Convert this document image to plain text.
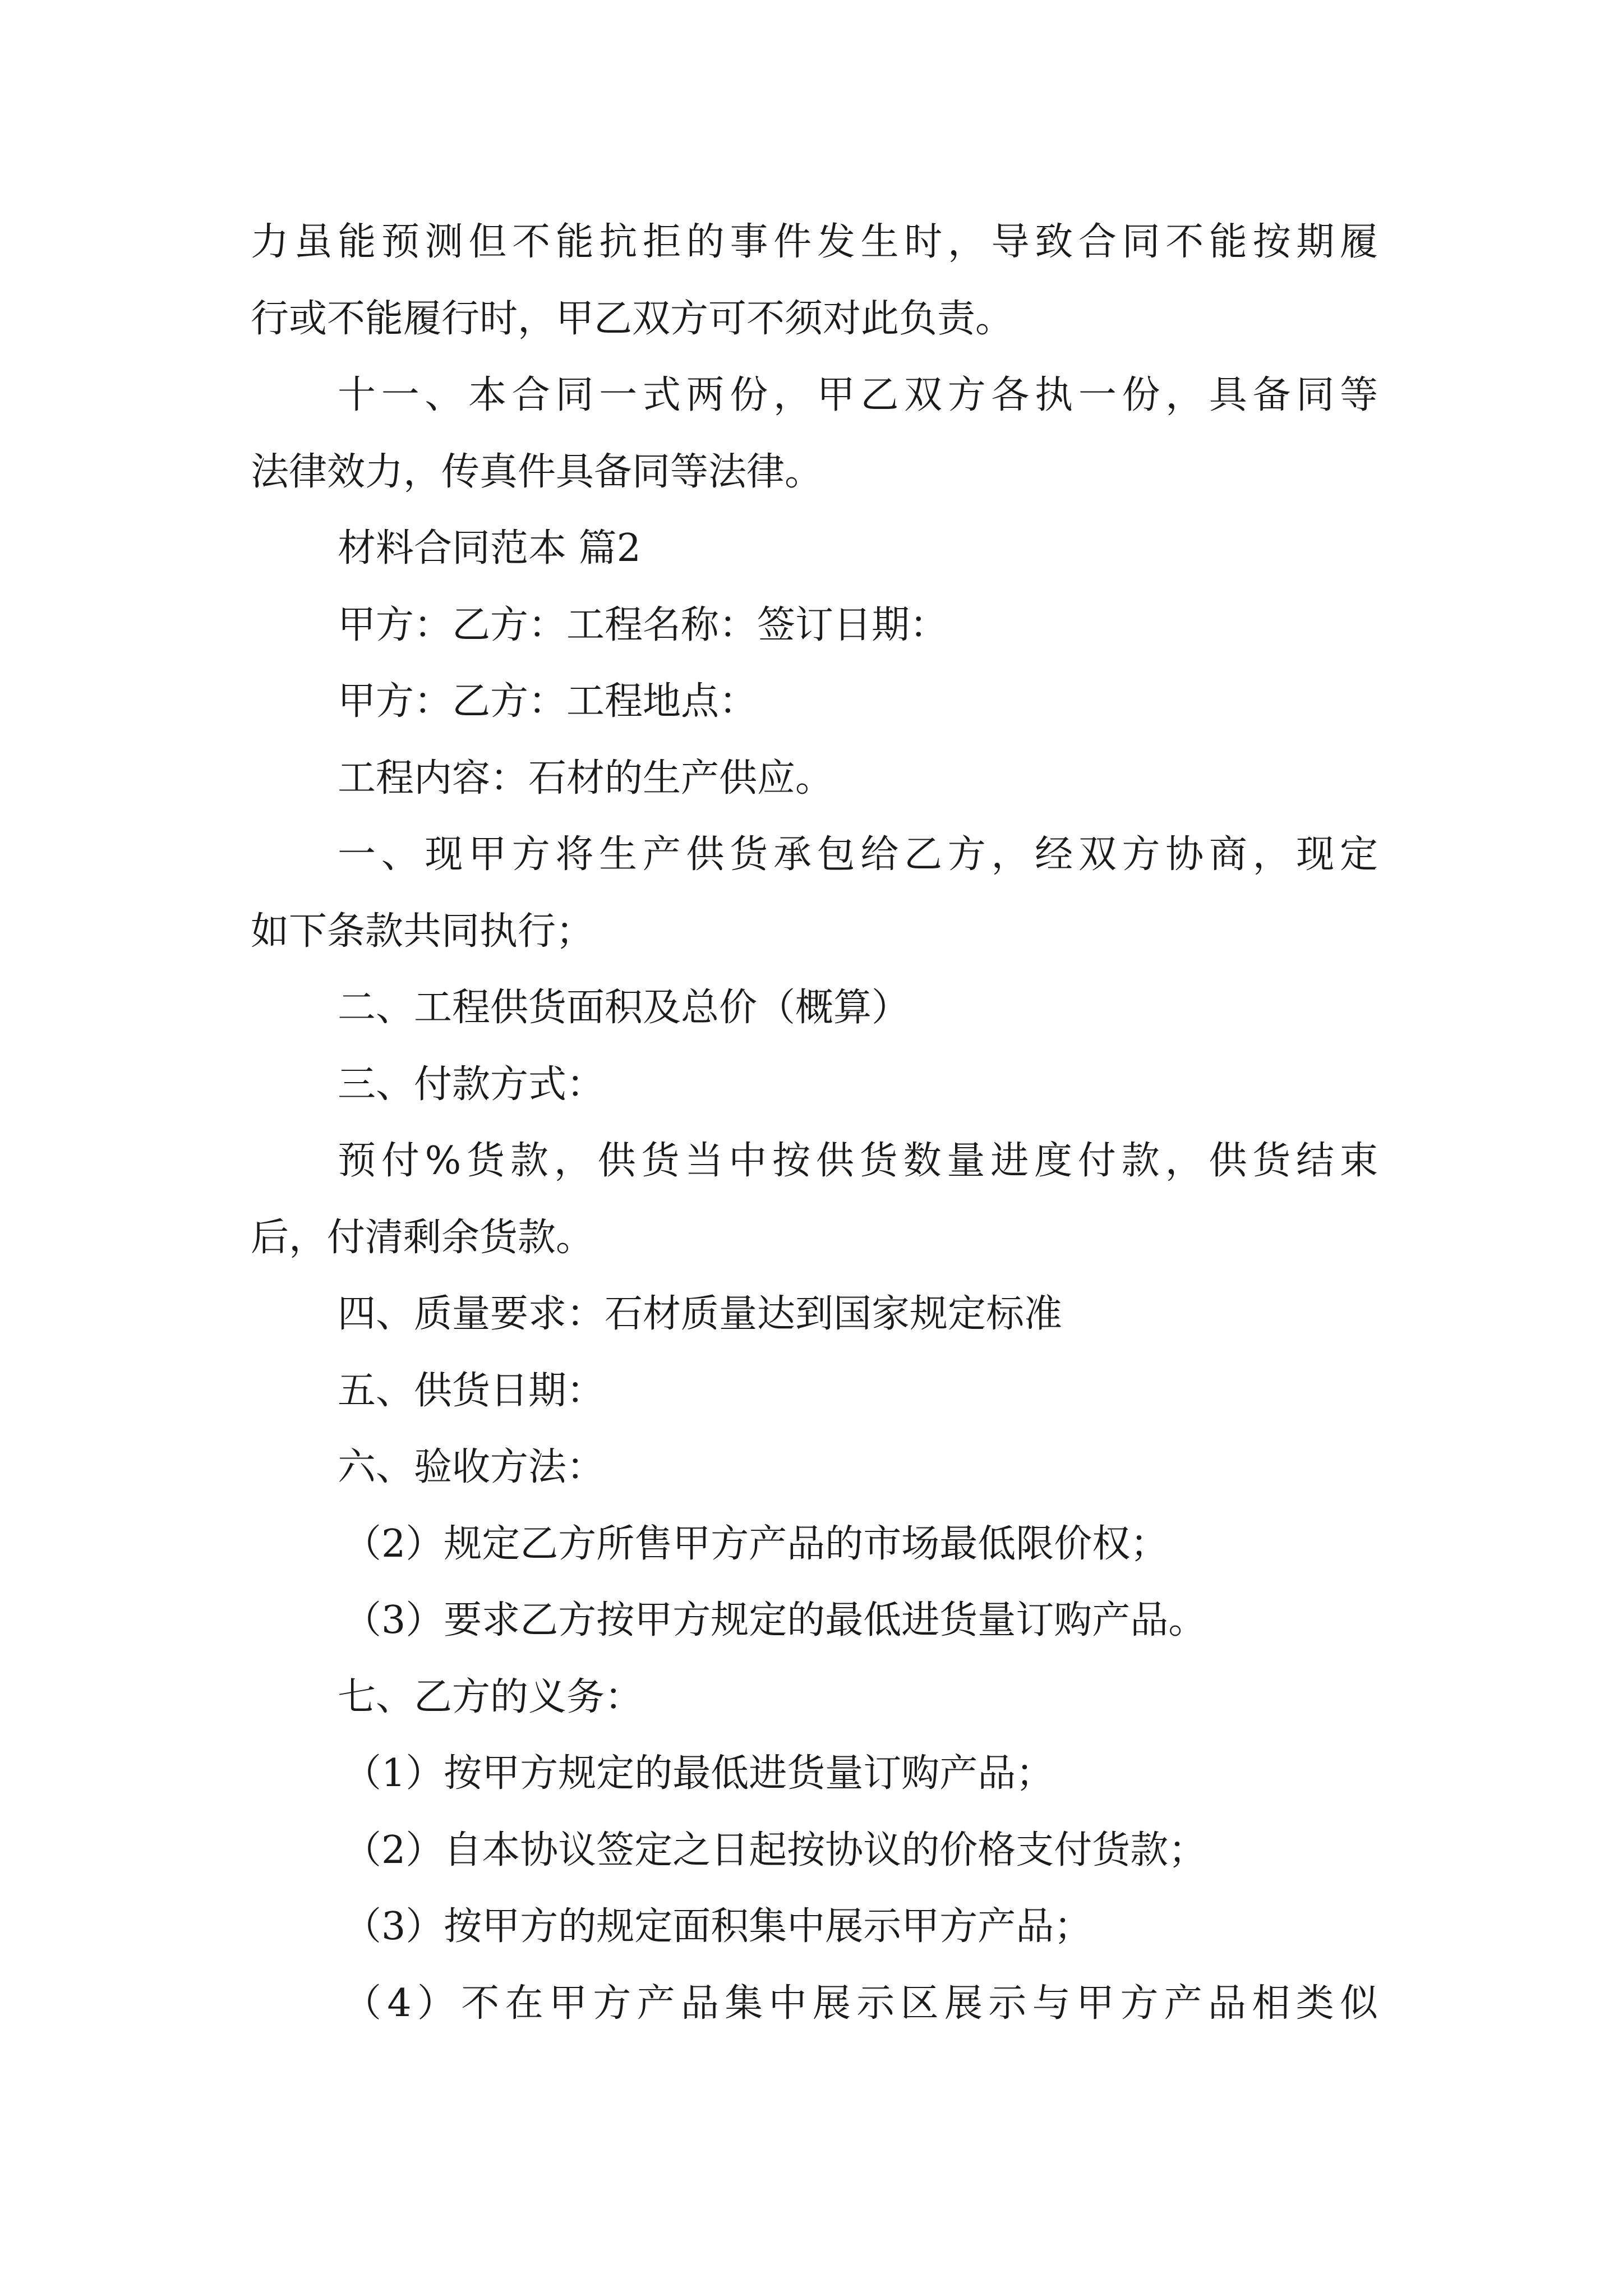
力虽能预测但不能抗拒的事件发生时，导致合同不能按期履
行或不能履行时，甲乙双方可不须对此负责。
十一、本合同一式两份，甲乙双方各执一份，具备同等
法律效力，传真件具备同等法律。
材料合同范本 篇2
甲方：乙方：工程名称：签订日期：
甲方：乙方：工程地点：
工程内容：石材的生产供应。
一、现甲方将生产供货承包给乙方，经双方协商，现定
如下条款共同执行；
二、工程供货面积及总价（概算）
三、付款方式：
预付%货款，供货当中按供货数量进度付款，供货结束
后，付清剩余货款。
四、质量要求：石材质量达到国家规定标准
五、供货日期：
六、验收方法：
（2）规定乙方所售甲方产品的市场最低限价权；
（3）要求乙方按甲方规定的最低进货量订购产品。
七、乙方的义务：
（1）按甲方规定的最低进货量订购产品；
（2）自本协议签定之日起按协议的价格支付货款；
（3）按甲方的规定面积集中展示甲方产品；
（4）不在甲方产品集中展示区展示与甲方产品相类似
